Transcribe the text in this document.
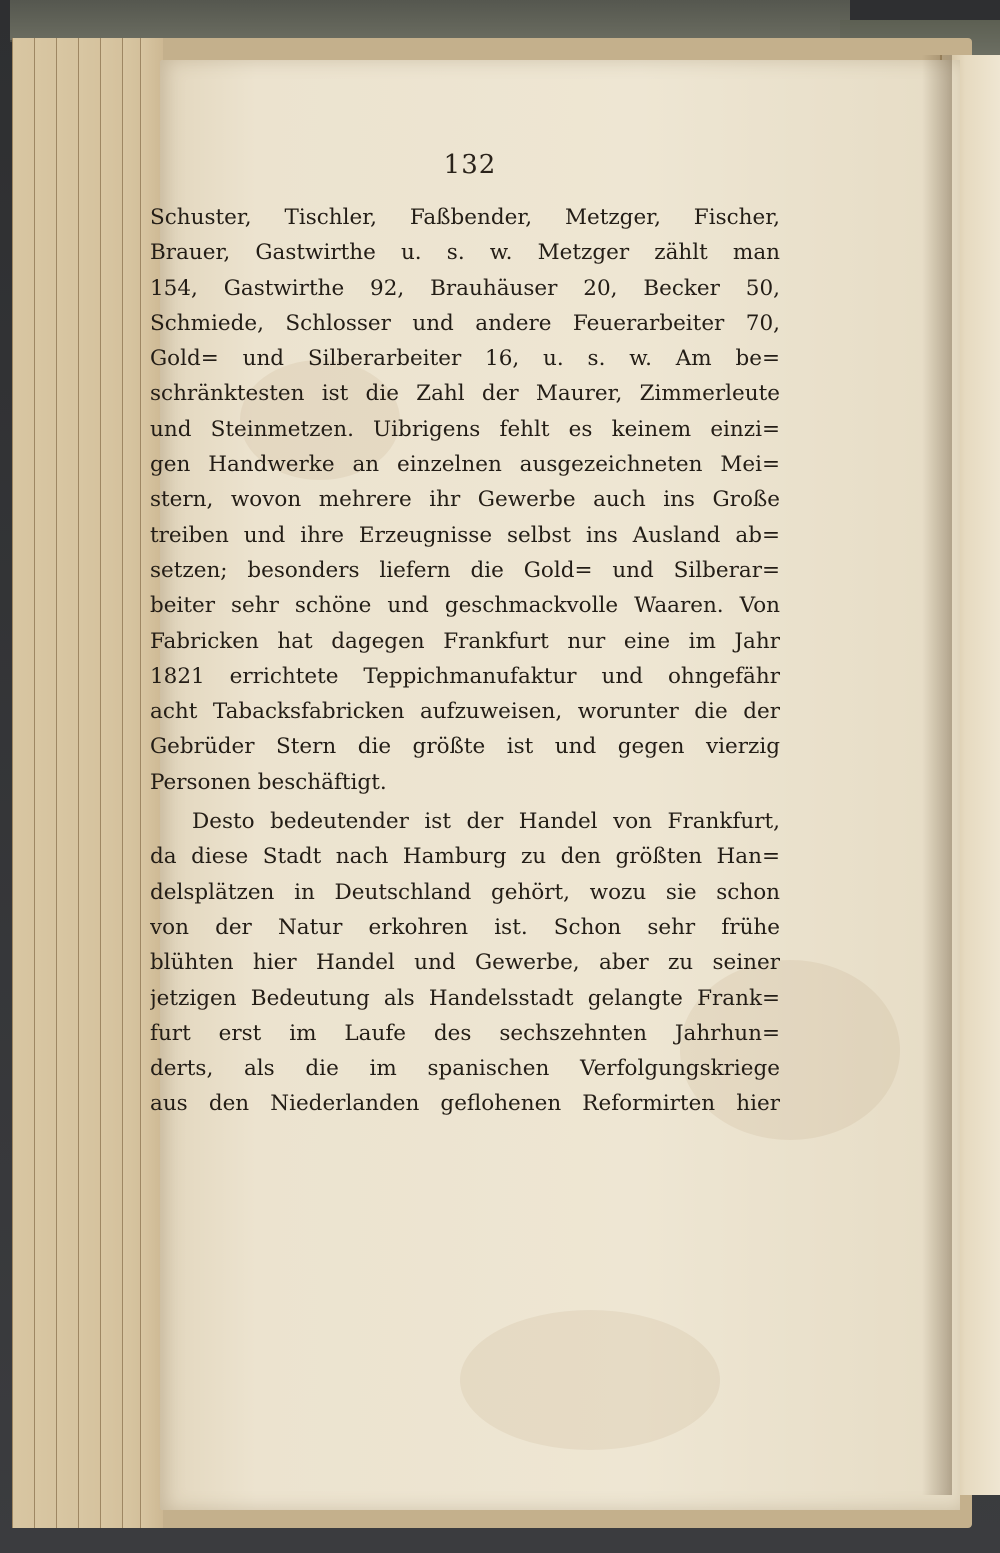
132
Schuster, Tischler, Faßbender, Metzger, Fischer,
Brauer, Gastwirthe u. s. w. Metzger zählt man
154, Gastwirthe 92, Brauhäuser 20, Becker 50,
Schmiede, Schlosser und andere Feuerarbeiter 70,
Gold= und Silberarbeiter 16, u. s. w. Am be=
schränktesten ist die Zahl der Maurer, Zimmerleute
und Steinmetzen. Uibrigens fehlt es keinem einzi=
gen Handwerke an einzelnen ausgezeichneten Mei=
stern, wovon mehrere ihr Gewerbe auch ins Große
treiben und ihre Erzeugnisse selbst ins Ausland ab=
setzen; besonders liefern die Gold= und Silberar=
beiter sehr schöne und geschmackvolle Waaren. Von
Fabricken hat dagegen Frankfurt nur eine im Jahr
1821 errichtete Teppichmanufaktur und ohngefähr
acht Tabacksfabricken aufzuweisen, worunter die der
Gebrüder Stern die größte ist und gegen vierzig
Personen beschäftigt.
Desto bedeutender ist der Handel von Frankfurt,
da diese Stadt nach Hamburg zu den größten Han=
delsplätzen in Deutschland gehört, wozu sie schon
von der Natur erkohren ist. Schon sehr frühe
blühten hier Handel und Gewerbe, aber zu seiner
jetzigen Bedeutung als Handelsstadt gelangte Frank=
furt erst im Laufe des sechszehnten Jahrhun=
derts, als die im spanischen Verfolgungskriege
aus den Niederlanden geflohenen Reformirten hier
